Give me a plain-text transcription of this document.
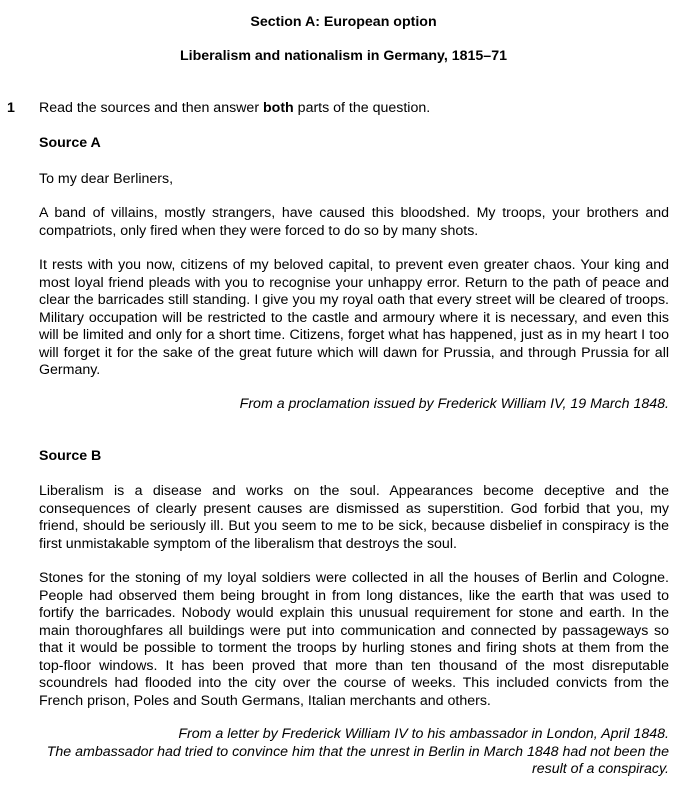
Section A: European option

Liberalism and nationalism in Germany, 1815–71

1 Read the sources and then answer both parts of the question.

Source A

To my dear Berliners,

A band of villains, mostly strangers, have caused this bloodshed. My troops, your brothers and compatriots, only fired when they were forced to do so by many shots.

It rests with you now, citizens of my beloved capital, to prevent even greater chaos. Your king and most loyal friend pleads with you to recognise your unhappy error. Return to the path of peace and clear the barricades still standing. I give you my royal oath that every street will be cleared of troops. Military occupation will be restricted to the castle and armoury where it is necessary, and even this will be limited and only for a short time. Citizens, forget what has happened, just as in my heart I too will forget it for the sake of the great future which will dawn for Prussia, and through Prussia for all Germany.

From a proclamation issued by Frederick William IV, 19 March 1848.

Source B

Liberalism is a disease and works on the soul. Appearances become deceptive and the consequences of clearly present causes are dismissed as superstition. God forbid that you, my friend, should be seriously ill. But you seem to me to be sick, because disbelief in conspiracy is the first unmistakable symptom of the liberalism that destroys the soul.

Stones for the stoning of my loyal soldiers were collected in all the houses of Berlin and Cologne. People had observed them being brought in from long distances, like the earth that was used to fortify the barricades. Nobody would explain this unusual requirement for stone and earth. In the main thoroughfares all buildings were put into communication and connected by passageways so that it would be possible to torment the troops by hurling stones and firing shots at them from the top-floor windows. It has been proved that more than ten thousand of the most disreputable scoundrels had flooded into the city over the course of weeks. This included convicts from the French prison, Poles and South Germans, Italian merchants and others.

From a letter by Frederick William IV to his ambassador in London, April 1848.
The ambassador had tried to convince him that the unrest in Berlin in March 1848 had not been the result of a conspiracy.
